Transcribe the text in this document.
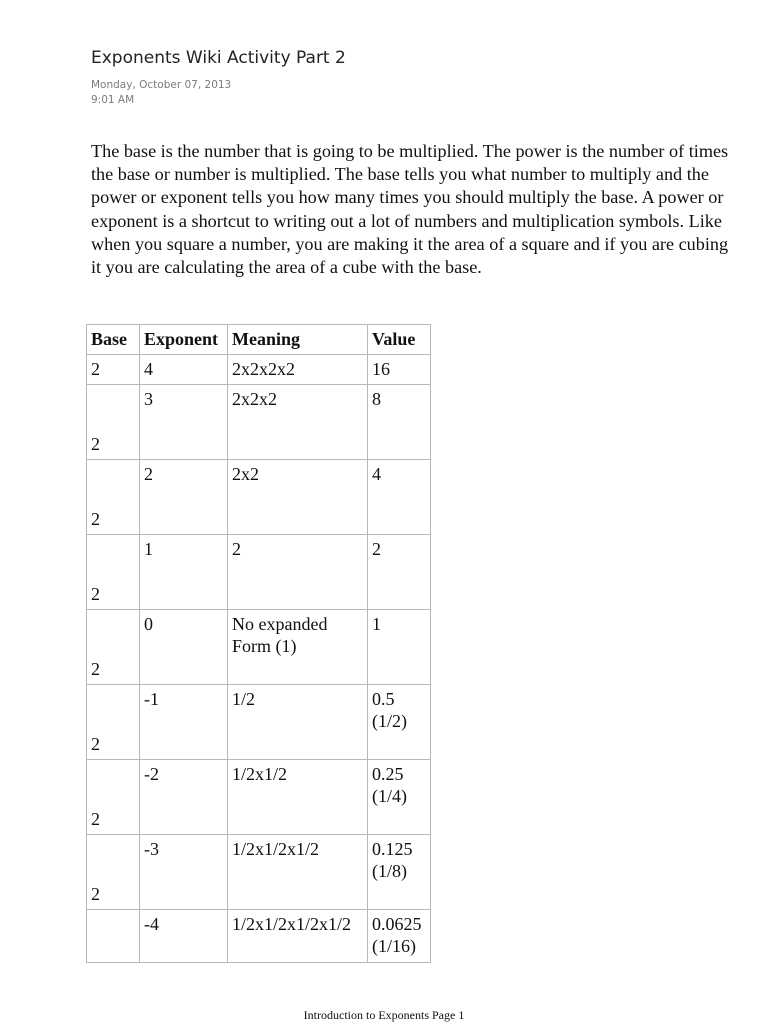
Exponents Wiki Activity Part 2
Monday, October 07, 2013
9:01 AM

The base is the number that is going to be multiplied. The power is the number of times the base or number is multiplied. The base tells you what number to multiply and the power or exponent tells you how many times you should multiply the base. A power or exponent is a shortcut to writing out a lot of numbers and multiplication symbols. Like when you square a number, you are making it the area of a square and if you are cubing it you are calculating the area of a cube with the base.

Base	Exponent	Meaning	Value
2	4	2x2x2x2	16
2	3	2x2x2	8
2	2	2x2	4
2	1	2	2
2	0	No expanded Form (1)	1
2	-1	1/2	0.5 (1/2)
2	-2	1/2x1/2	0.25 (1/4)
2	-3	1/2x1/2x1/2	0.125 (1/8)
	-4	1/2x1/2x1/2x1/2	0.0625 (1/16)
Introduction to Exponents Page 1
